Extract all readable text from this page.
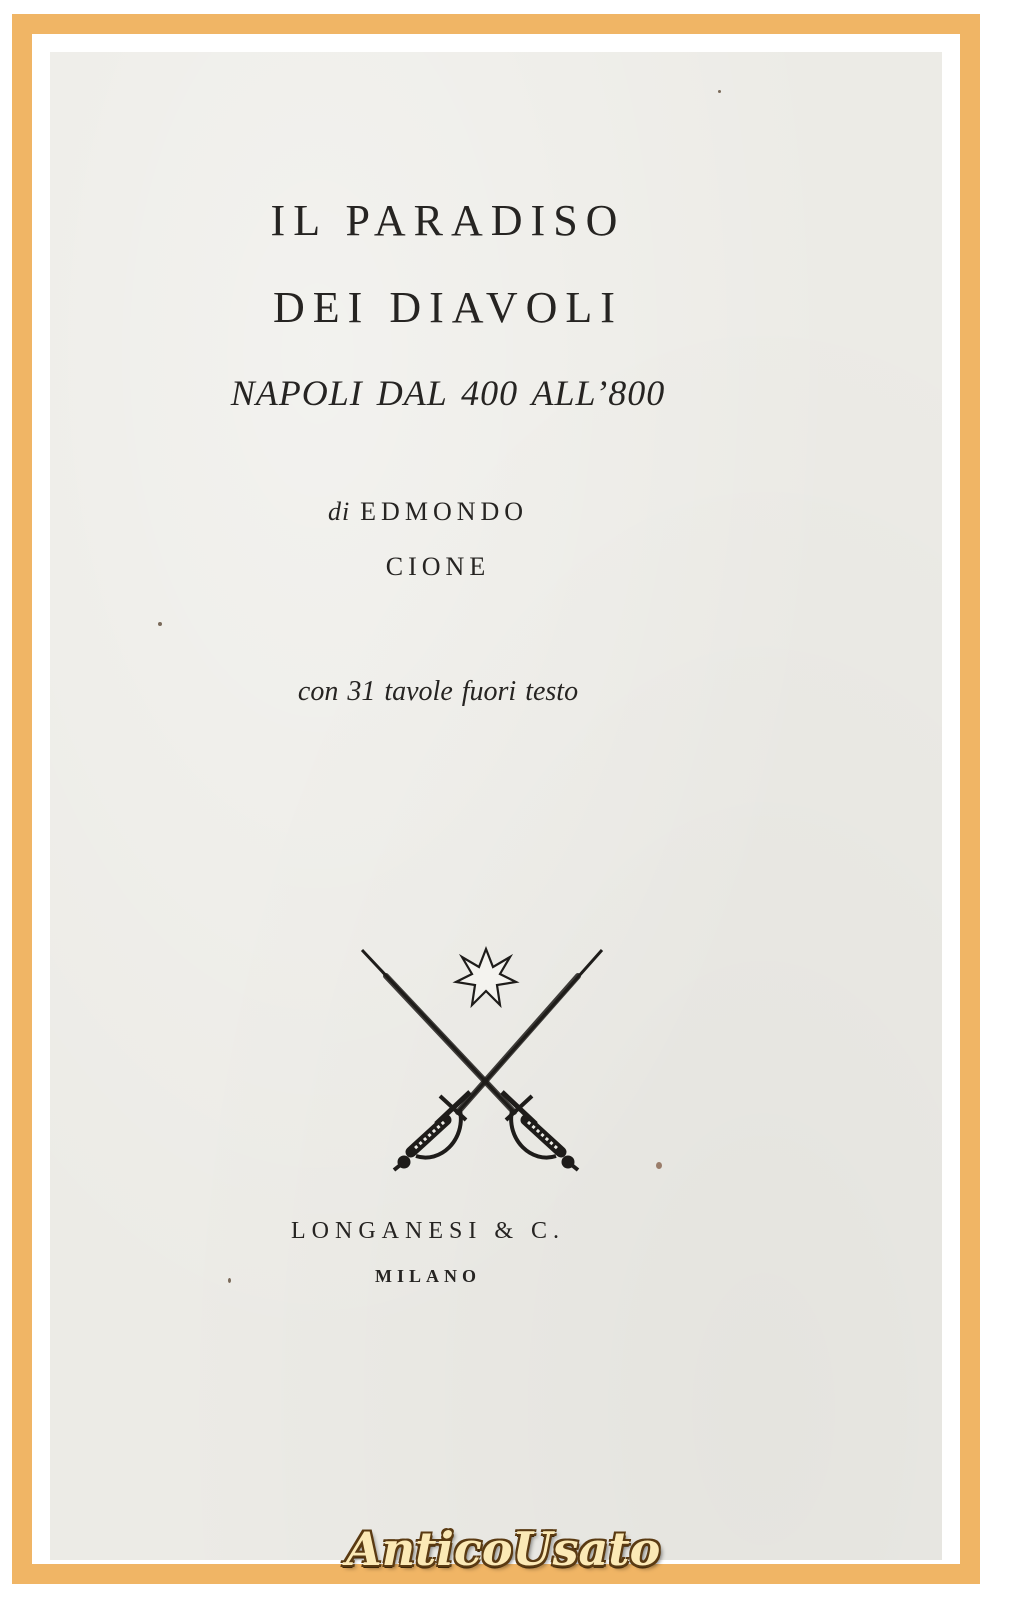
IL PARADISO
DEI DIAVOLI
NAPOLI DAL 400 ALL’800
di EDMONDO
CIONE
con 31 tavole fuori testo
LONGANESI & C.
MILANO
AnticoUsato
